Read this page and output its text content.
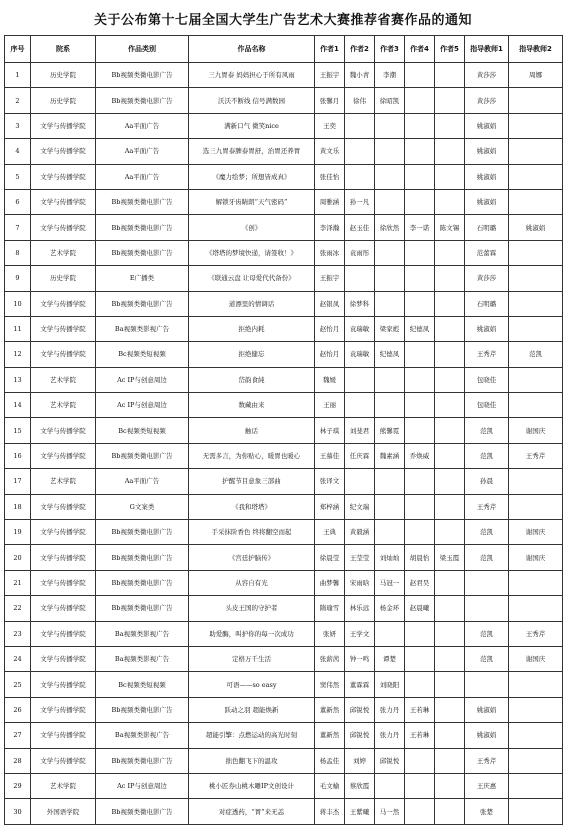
关于公布第十七届全国大学生广告艺术大赛推荐省赛作品的通知
序号	院系	作品类别	作品名称	作者1	作者2	作者3	作者4	作者5	指导教师1	指导教师2
1	历史学院	Bb视频类微电影广告	三九胃泰 妈妈担心于所有风雨	王振宇	魏小青	李潮			黄莎莎	周娜
2	历史学院	Bb视频类微电影广告	沃沃不断线 信号满数园	张馨月	徐伟	徐昭凯			黄莎莎	
3	文学与传播学院	Aa平面广告	满新口气 微笑nice	王奕					姚淑娟	
4	文学与传播学院	Aa平面广告	选三九胃泰脾泰胃舒，治胃还养胃	黄文乐					姚淑娟	
5	文学与传播学院	Aa平面广告	《魔力绘梦；所想皆成真》	张佳怡					姚淑娟	
6	文学与传播学院	Bb视频类微电影广告	解锁牙齿睛朗“天气密码”	周雅涵	孙一凡				姚淑娟	
7	文学与传播学院	Bb视频类微电影广告	《创》	李泽瀚	赵玉佳	徐欣然	李一诺	陈文锡	石明璐	姚淑娟
8	艺术学院	Bb视频类微电影广告	《塔塔的梦境快递，请签收！》	张雨冰	袁雨彤				范蕾霖	
9	历史学院	E广播类	《联通云盘 让母爱代代备份》	王振宇					黄莎莎	
10	文学与传播学院	Bb视频类微电影广告	道漂里的情调话	赵银凤	徐梦科				石明璐	
11	文学与传播学院	Ba视频类影视广告	拒绝内耗	赵怡月	袁瑞敏	梁家彪	纪德凤		姚淑娟	
12	文学与传播学院	Bc视频类短视频	拒绝健忘	赵怡月	袁瑞敏	纪德凤			王秀芹	范凯
13	艺术学院	Ac IP与创意周边	岱韵食純	魏媛					包晓佳	
14	艺术学院	Ac IP与创意周边	数藏由来	王丽					包晓佳	
15	文学与传播学院	Bc视频类短视频	触话	林子琪	刘斐君	熊馨霓			范凯	谢国庆
16	文学与传播学院	Bb视频类微电影广告	无需多言，为你贴心，暖胃也暖心	王慕佳	任庆霖	魏素涵	乔焕威		范凯	王秀芹
17	艺术学院	Aa平面广告	护醒节目意象三部曲	张译文					孙晨	
18	文学与传播学院	G文案类	《我和塔塔》	郑梓涵	纪文瑞				王秀芹	
19	文学与传播学院	Bb视频类微电影广告	手采抹阶香色 终将翻空而起	王典	黄毅涵				范凯	谢国庆
20	文学与传播学院	Bb视频类微电影广告	《宫廷护脑传》	徐晨莹	王莹莹	刘灿灿	胡晨怡	梁玉霞	范凯	谢国庆
21	文学与传播学院	Bb视频类微电影广告	从容自有光	曲梦馨	宋雨晗	马冠一	赵君昊			
22	文学与传播学院	Bb视频类微电影广告	头皮王国的守护者	隋瑜雪	林乐远	杨金环	赵晨曦			
23	文学与传播学院	Ba视频类影视广告	助爱酶，叫护你的每一次成功	张妍	王学文				范凯	王秀芹
24	文学与传播学院	Ba视频类影视广告	定格万千生活	张薪茜	钟一鸣	谭楚			范凯	谢国庆
25	文学与传播学院	Bc视频类短视频	可语——so easy	窦伟然	董霖霖	刘晓阳				
26	文学与传播学院	Bb视频类微电影广告	跃动之羽 超能焕新	董新然	邱锐悦	张力丹	王若琳		姚淑娟	
27	文学与传播学院	Ba视频类影视广告	超能引擎：点燃运动的高光时刻	董新然	邱锐悦	张力丹	王若琳		姚淑娟	
28	文学与传播学院	Bb视频类微电影广告	拙色翻飞下的温攻	杨孟佳	刘婷	邱锐悦			王秀芹	
29	艺术学院	Ac IP与创意周边	桃小匠券山桃木雕IP文创设计	毛文榆	蔡欣霞				王庆惠	
30	外国语学院	Bb视频类微电影广告	对症透药，“胃”来无恙	蒋丰杰	王紫曦	马一然			张楚	
